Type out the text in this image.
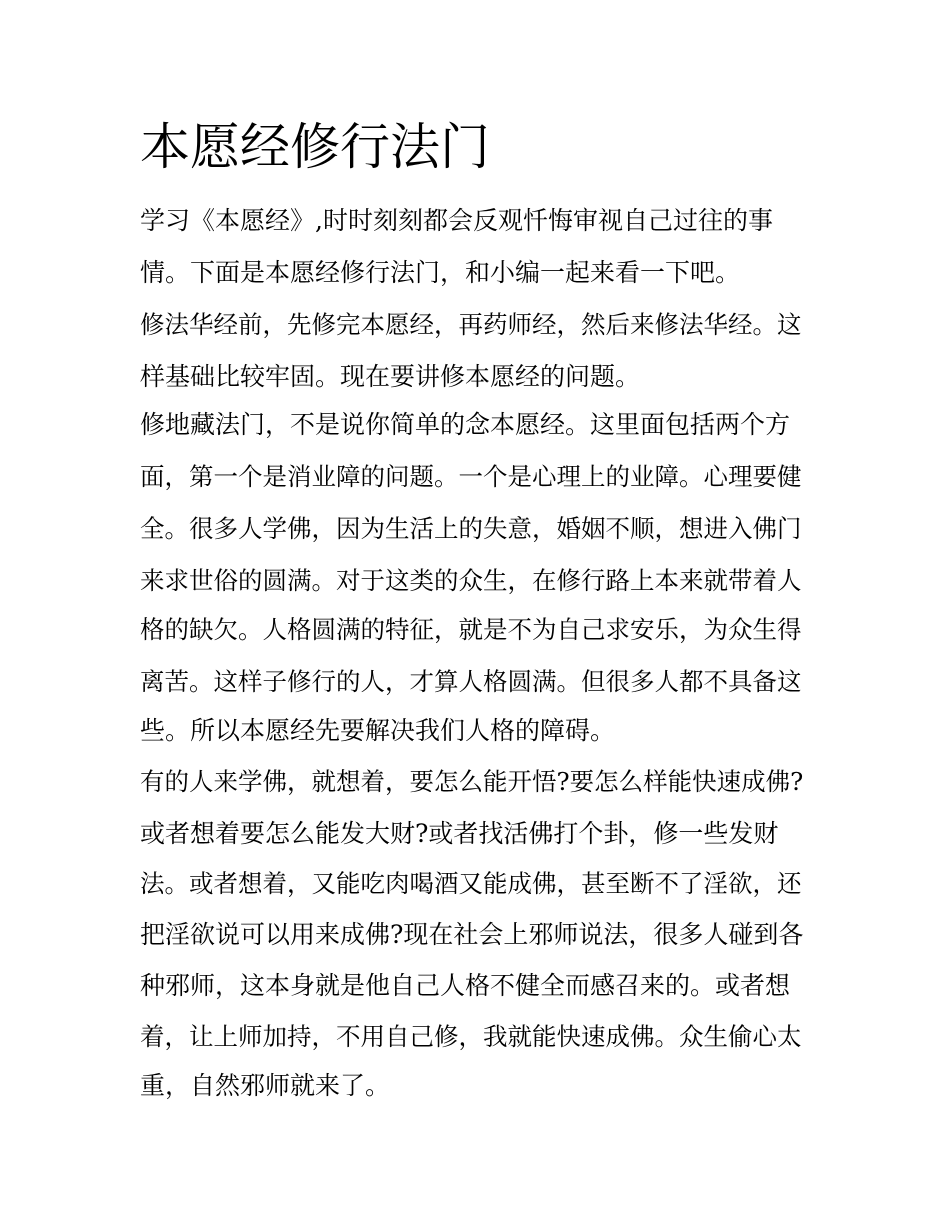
本愿经修行法门

学习《本愿经》,时时刻刻都会反观忏悔审视自己过往的事

情。下面是本愿经修行法门，和小编一起来看一下吧。

修法华经前，先修完本愿经，再药师经，然后来修法华经。这

样基础比较牢固。现在要讲修本愿经的问题。

修地藏法门，不是说你简单的念本愿经。这里面包括两个方

面，第一个是消业障的问题。一个是心理上的业障。心理要健

全。很多人学佛，因为生活上的失意，婚姻不顺，想进入佛门

来求世俗的圆满。对于这类的众生，在修行路上本来就带着人

格的缺欠。人格圆满的特征，就是不为自己求安乐，为众生得

离苦。这样子修行的人，才算人格圆满。但很多人都不具备这

些。所以本愿经先要解决我们人格的障碍。

有的人来学佛，就想着，要怎么能开悟?要怎么样能快速成佛?

或者想着要怎么能发大财?或者找活佛打个卦，修一些发财

法。或者想着，又能吃肉喝酒又能成佛，甚至断不了淫欲，还

把淫欲说可以用来成佛?现在社会上邪师说法，很多人碰到各

种邪师，这本身就是他自己人格不健全而感召来的。或者想

着，让上师加持，不用自己修，我就能快速成佛。众生偷心太

重，自然邪师就来了。
